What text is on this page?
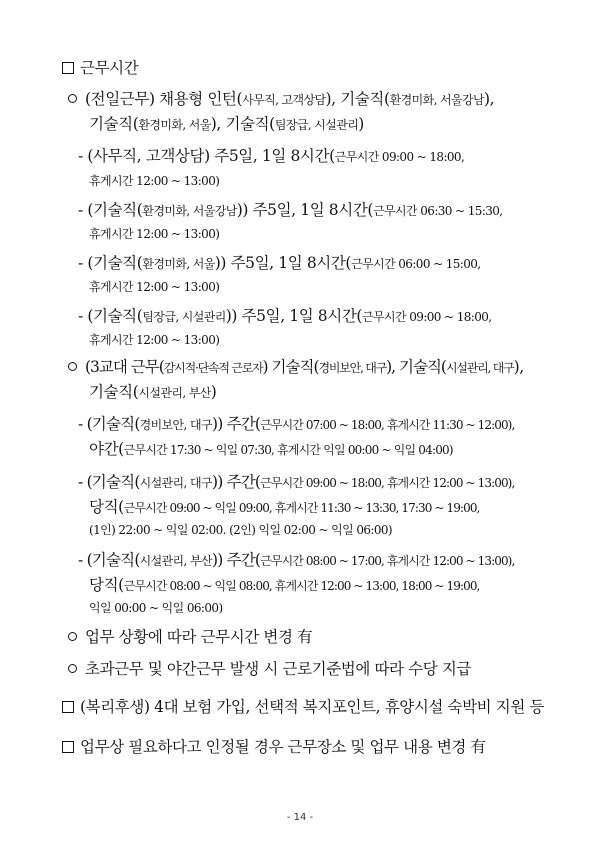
근무시간
(전일근무) 채용형 인턴(사무직, 고객상담), 기술직(환경미화, 서울강남),
기술직(환경미화, 서울), 기술직(팀장급, 시설관리)
- (사무직, 고객상담) 주5일, 1일 8시간(근무시간 09:00 ~ 18:00,
휴게시간 12:00 ~ 13:00)
- (기술직(환경미화, 서울강남)) 주5일, 1일 8시간(근무시간 06:30 ~ 15:30,
휴게시간 12:00 ~ 13:00)
- (기술직(환경미화, 서울)) 주5일, 1일 8시간(근무시간 06:00 ~ 15:00,
휴게시간 12:00 ~ 13:00)
- (기술직(팀장급, 시설관리)) 주5일, 1일 8시간(근무시간 09:00 ~ 18:00,
휴게시간 12:00 ~ 13:00)
(3교대 근무(감시적·단속적 근로자) 기술직(경비보안, 대구), 기술직(시설관리, 대구),
기술직(시설관리, 부산)
- (기술직(경비보안, 대구)) 주간(근무시간 07:00 ~ 18:00, 휴게시간 11:30 ~ 12:00),
야간(근무시간 17:30 ~ 익일 07:30, 휴게시간 익일 00:00 ~ 익일 04:00)
- (기술직(시설관리, 대구)) 주간(근무시간 09:00 ~ 18:00, 휴게시간 12:00 ~ 13:00),
당직(근무시간 09:00 ~ 익일 09:00, 휴게시간 11:30 ~ 13:30, 17:30 ~ 19:00,
(1인) 22:00 ~ 익일 02:00. (2인) 익일 02:00 ~ 익일 06:00)
- (기술직(시설관리, 부산)) 주간(근무시간 08:00 ~ 17:00, 휴게시간 12:00 ~ 13:00),
당직(근무시간 08:00 ~ 익일 08:00, 휴게시간 12:00 ~ 13:00, 18:00 ~ 19:00,
익일 00:00 ~ 익일 06:00)
업무 상황에 따라 근무시간 변경 有
초과근무 및 야간근무 발생 시 근로기준법에 따라 수당 지급
(복리후생) 4대 보험 가입, 선택적 복지포인트, 휴양시설 숙박비 지원 등
업무상 필요하다고 인정될 경우 근무장소 및 업무 내용 변경 有
- 14 -
